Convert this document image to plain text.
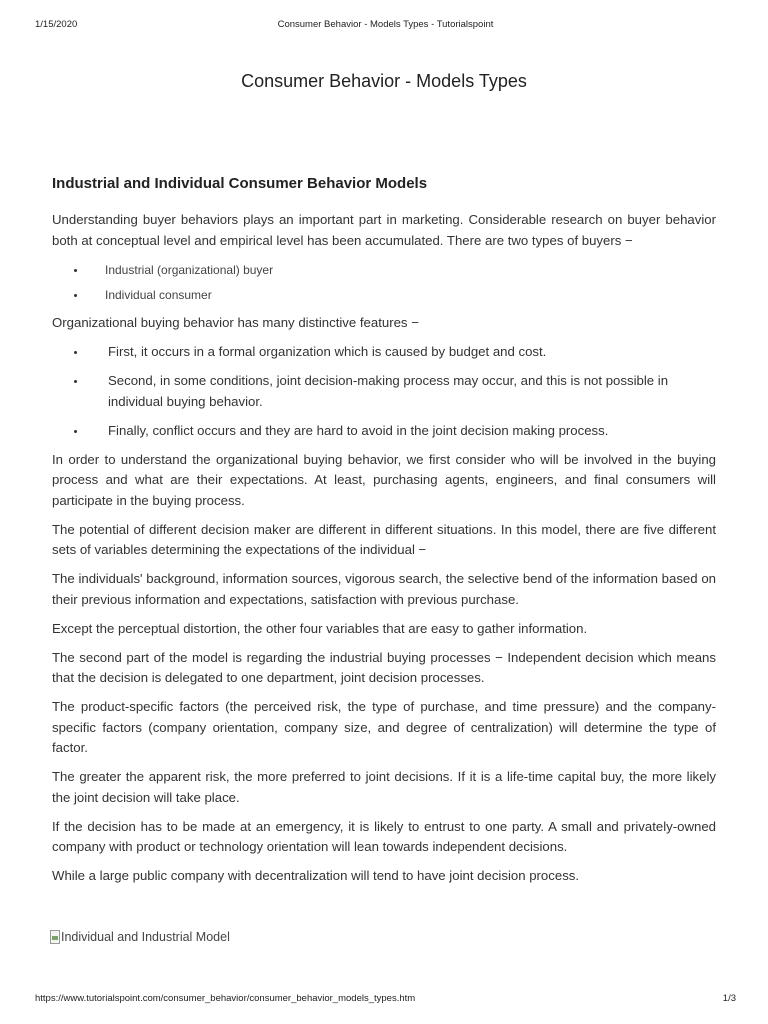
1/15/2020	Consumer Behavior - Models Types - Tutorialspoint
Consumer Behavior - Models Types
Industrial and Individual Consumer Behavior Models

Understanding buyer behaviors plays an important part in marketing. Considerable research on buyer behavior both at conceptual level and empirical level has been accumulated. There are two types of buyers −

Industrial (organizational) buyer
Individual consumer

Organizational buying behavior has many distinctive features −

First, it occurs in a formal organization which is caused by budget and cost.
Second, in some conditions, joint decision-making process may occur, and this is not possible in individual buying behavior.
Finally, conflict occurs and they are hard to avoid in the joint decision making process.

In order to understand the organizational buying behavior, we first consider who will be involved in the buying process and what are their expectations. At least, purchasing agents, engineers, and final consumers will participate in the buying process.

The potential of different decision maker are different in different situations. In this model, there are five different sets of variables determining the expectations of the individual −

The individuals' background, information sources, vigorous search, the selective bend of the information based on their previous information and expectations, satisfaction with previous purchase.

Except the perceptual distortion, the other four variables that are easy to gather information.

The second part of the model is regarding the industrial buying processes − Independent decision which means that the decision is delegated to one department, joint decision processes.

The product-specific factors (the perceived risk, the type of purchase, and time pressure) and the company-specific factors (company orientation, company size, and degree of centralization) will determine the type of factor.

The greater the apparent risk, the more preferred to joint decisions. If it is a life-time capital buy, the more likely the joint decision will take place.

If the decision has to be made at an emergency, it is likely to entrust to one party. A small and privately-owned company with product or technology orientation will lean towards independent decisions.

While a large public company with decentralization will tend to have joint decision process.

Individual and Industrial Model
https://www.tutorialspoint.com/consumer_behavior/consumer_behavior_models_types.htm	1/3
